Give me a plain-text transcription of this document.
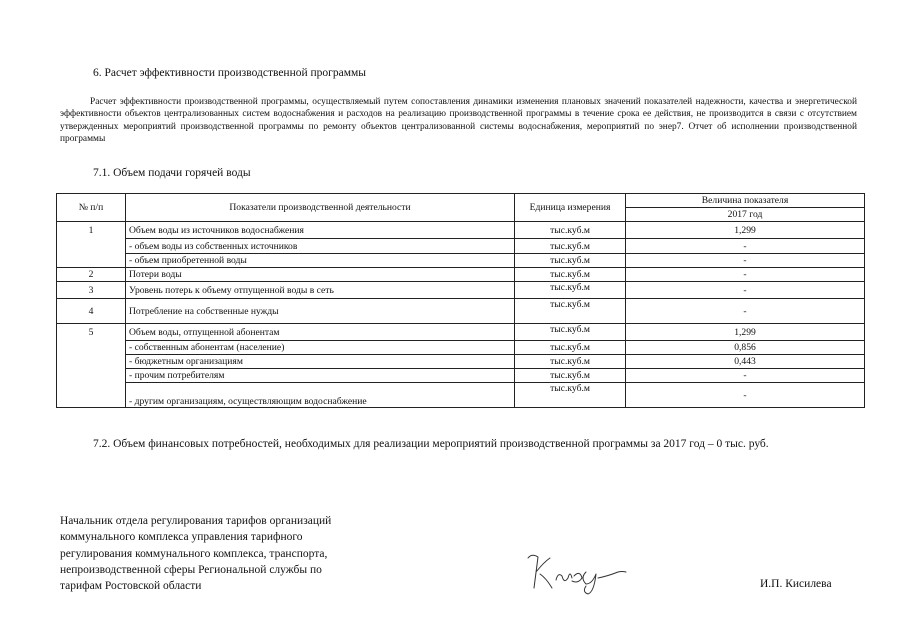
6. Расчет эффективности производственной программы
Расчет эффективности производственной программы, осуществляемый путем сопоставления динамики изменения плановых значений показателей надежности, качества и энергетической эффективности объектов централизованных систем водоснабжения и расходов на реализацию производственной программы в течение срока ее действия, не производится в связи с отсутствием утвержденных мероприятий производственной программы по ремонту объектов централизованной системы водоснабжения, мероприятий по энер7. Отчет об исполнении производственной программы
7.1. Объем подачи горячей воды
№ п/п	Показатели производственной деятельности	Единица измерения	Величина показателя
			2017 год
1	Объем воды из источников водоснабжения	тыс.куб.м	1,299
	- объем воды из собственных источников	тыс.куб.м	-
	- объем приобретенной воды	тыс.куб.м	-
2	Потери воды	тыс.куб.м	-
3	Уровень потерь к объему отпущенной воды в сеть	тыс.куб.м	-
4	Потребление на собственные нужды	тыс.куб.м	-
5	Объем воды, отпущенной абонентам	тыс.куб.м	1,299
	- собственным абонентам (население)	тыс.куб.м	0,856
	- бюджетным организациям	тыс.куб.м	0,443
	- прочим потребителям	тыс.куб.м	-
	- другим организациям, осуществляющим водоснабжение	тыс.куб.м	-
7.2. Объем финансовых потребностей, необходимых для реализации мероприятий производственной программы за 2017 год – 0 тыс. руб.
Начальник отдела регулирования тарифов организаций
коммунального комплекса управления тарифного
регулирования коммунального комплекса, транспорта,
непроизводственной сферы Региональной службы по
тарифам Ростовской области	И.П. Кисилева
